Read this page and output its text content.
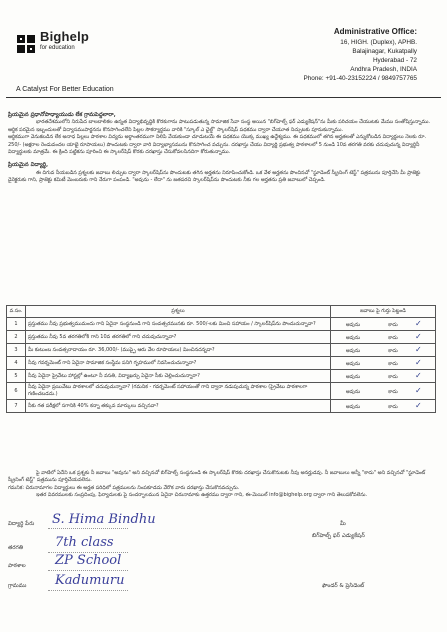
Bighelp
for education
A Catalyst For Better Education
Administrative Office:
16, HIGH. (Duplex), APHB.
Balajinagar, Kukatpally
Hyderabad - 72
Andhra Pradesh, INDIA
Phone: +91-40-23152224 / 9849757765
ప్రియమైన ప్రధానోపాధ్యాయుడు లేక గ్రామపెద్దలారా,
భారతదేశములోని నిరుపేద బాలబాలికల ఉన్నత విద్యాభివృద్ధికి కొరకుగాను పాటుపడుతున్న సామాజిక సేవా సంస్థ అయిన "బిగ్‌హెల్ప్ ఫర్ ఎడ్యుకేషన్"ను మీకు పరిచయం చేయుటకు మేము సంతోషిస్తున్నాము. ఆర్థిక పరమైన ఇబ్బందులతో విద్యాసముపార్జనను కొనసాగించలేని పిల్లల సౌకర్యార్థము వారికి "స్కూల్ ఎ ఛైల్డ్" స్కాలర్‌షిప్ పథకము ద్వారా చేయూత నిచ్చుటకు పూనుకున్నాము.
ఆర్థికముగా వెనుకబడిన లేక అనాధ పిల్లలు పాఠశాల విద్యను అర్థాంతరముగా నిలిపి వేయకుండా చూడుటయే ఈ పథకము యొక్క ముఖ్య ఉద్దేశ్యము. ఈ పథకములో తగిన అర్హతలతో ఎన్నుకోబడిన విద్యార్థులు నెలకు రూ. 250/- (అక్షరాల రెండువందల యాభై రూపాయలు) పొందుటకు ద్వారా వారి విద్యాభ్యాసమును కొనసాగించ వచ్చును. దరఖాస్తు చేయు విద్యార్థి ప్రభుత్వ పాఠశాలలో 5 నుండి 10వ తరగతి వరకు చదువుచున్న విద్యార్థినీ విద్యార్థులకు మాత్రమే. ఈ క్రింది పట్టికను పూరించి ఈ స్కాలర్‌షిప్ కొరకు దరఖాస్తు చేసుకోవలసినదిగా కోరుతున్నాము.
ప్రియమైన విద్యార్థి,
ఈ దిగువ నీయబడిన ప్రశ్నలకు జవాబు లిచ్చుట ద్వారా స్కాలర్‌షిప్‌ను పొందుటకు తగిన అర్హతను నిరూపించుకోండి. ఒక వేళ అర్హతను పొందినచో "స్టూడెంట్ స్క్రీనింగ్ టెస్ట్" పత్రమును పూర్తిచేసి మీ ప్రాజెక్టు డైరెక్టరుకు గాని, ప్రాజెక్టు కమిటీ మెంబరుకు గాని నేరుగా పంపండి. "అవును - లేదా" ను జతపరచి స్కాలర్‌షిప్‌ను పొందుటకు నీకు గల అర్హతను ప్రతి జవాబులో చెప్పండి.
వ.సం.	ప్రశ్నలు	జవాబు పై గుర్తు పెట్టండి
1	ప్రస్తుతము నీవు ప్రభుత్వముమందు గాని ఏదైనా సంస్థనుండి గాని సంవత్సరమునకు రూ. 500/-లకు మించి సహాయం / స్కాలర్‌షిప్‌ను పొందుచున్నావా?	అవును కాదు ✓
2	ప్రస్తుతము నీవు 5వ తరగతిలోకి గాని 10వ తరగతిలో గాని చదువుచున్నావా?	అవును కాదు ✓
3	మీ కుటుంబ సంవత్సరాదాయం రూ. 36,000/- (ముప్పై ఆరు వేల రూపాయలు) మించినదన్నదా?	అవును కాదు ✓
4	నీవు గవర్నమెంట్ గాని ఏదైనా సామాజిక సంస్థేమ పనిగి గృహములో నివసించుచున్నావా?	అవును కాదు ✓
5	నీవు ఏదైనా ప్రైవేటు హాస్టల్లో ఉంటూ నీ వసతి, విద్యాఖర్చు ఏదైనా సీకు చెల్లించుచున్నారా?	అవును కాదు ✓
6	నీవు ఏదైనా ప్రయివేటు పాఠశాలలో చదువుచున్నావా? (గమనిక - గవర్నమెంట్ సహాయంతో గాని ద్వారా నడుపుచున్న పాఠశాల (ప్రైవేటు పాఠశాలగా గణించబడదు.)	అవును కాదు ✓
7	నీకు గత పరీక్షలో సగానికి 40% కన్నా తక్కువ మార్కులు వచ్చినవా?	అవును కాదు ✓
పై వాటిలో ఏదేని ఒక ప్రశ్నకు నీ జవాబు "అవును" అని వచ్చినచో బిగ్‌హెల్ప్ సంస్థనుండి ఈ స్కాలర్‌షిప్ కొరకు దరఖాస్తు చేసుకొనుటకు నీవు అనర్హుడవు. నీ జవాబులు అన్నీ "కాదు" అని వచ్చినచో "స్టూడెంట్ స్క్రీనింగ్ టెస్ట్" పత్రమును పూర్తిచేయవలెను.
గమనిక: చిరునామాగల విద్యార్థులు ఈ అర్హత పరిధిలో పత్రములను నింపకూడదు వేరొక వారు దరఖాస్తు చేసుకొనవచ్చును.
ఇతర వివరములకు సంప్రదింపు, ఫిర్యాదులకు పై సందర్భాలమున ఏదైనా చిరునామాకు ఉత్తరము ద్వారా గాని, ఈ-మెయిల్ info@bighelp.org ద్వారా గాని తెలుపకోవలెను.
విద్యార్థి పేరు S. Hima Bindhu
తరగతి 7th class
పాఠశాల ZP School
గ్రామము Kadumuru
మీ
బిగ్‌హెల్ప్ ఫర్ ఎడ్యుకేషన్
ఫౌండర్ & ప్రెసిడెంట్
